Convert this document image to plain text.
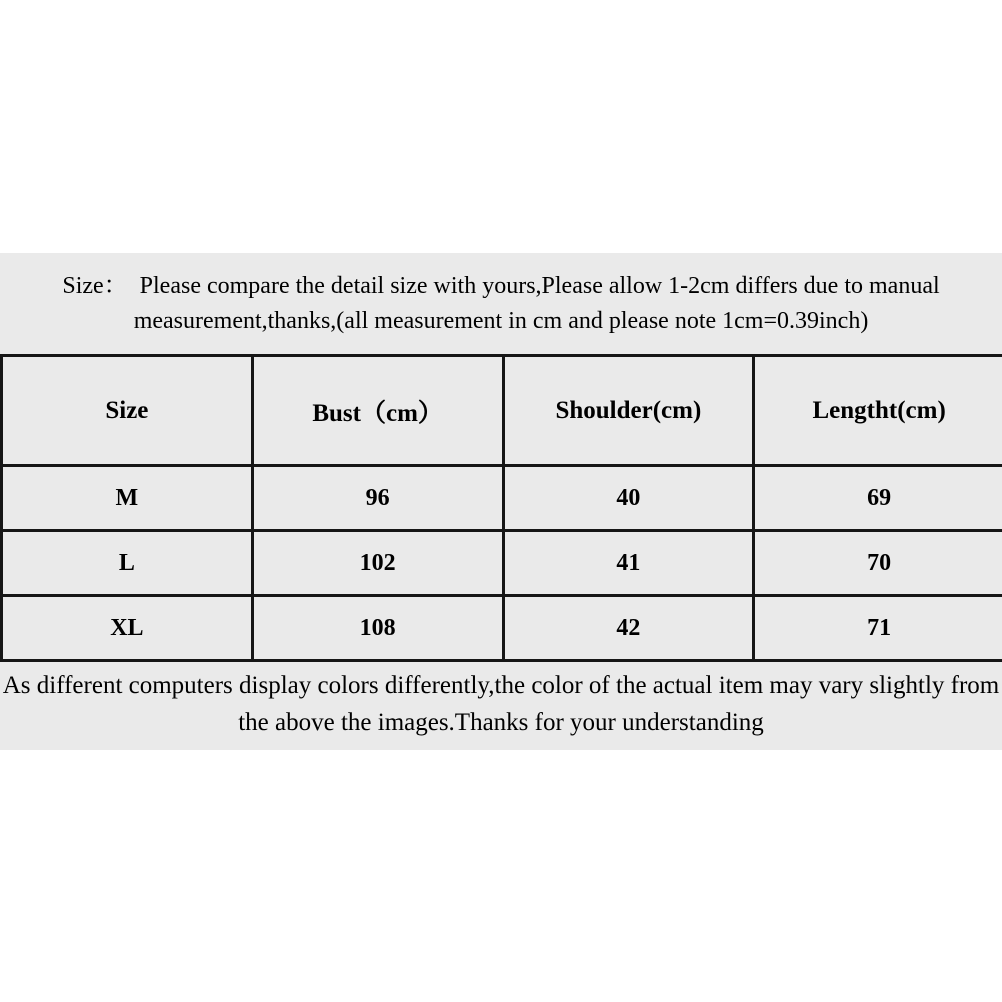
Size：  Please compare the detail size with yours,Please allow 1-2cm differs due to manual
measurement,thanks,(all measurement in cm and please note 1cm=0.39inch)
Size	Bust（cm）	Shoulder(cm)	Lengtht(cm)
M	96	40	69
L	102	41	70
XL	108	42	71
As different computers display colors differently,the color of the actual item may vary slightly from
the above the images.Thanks for your understanding
